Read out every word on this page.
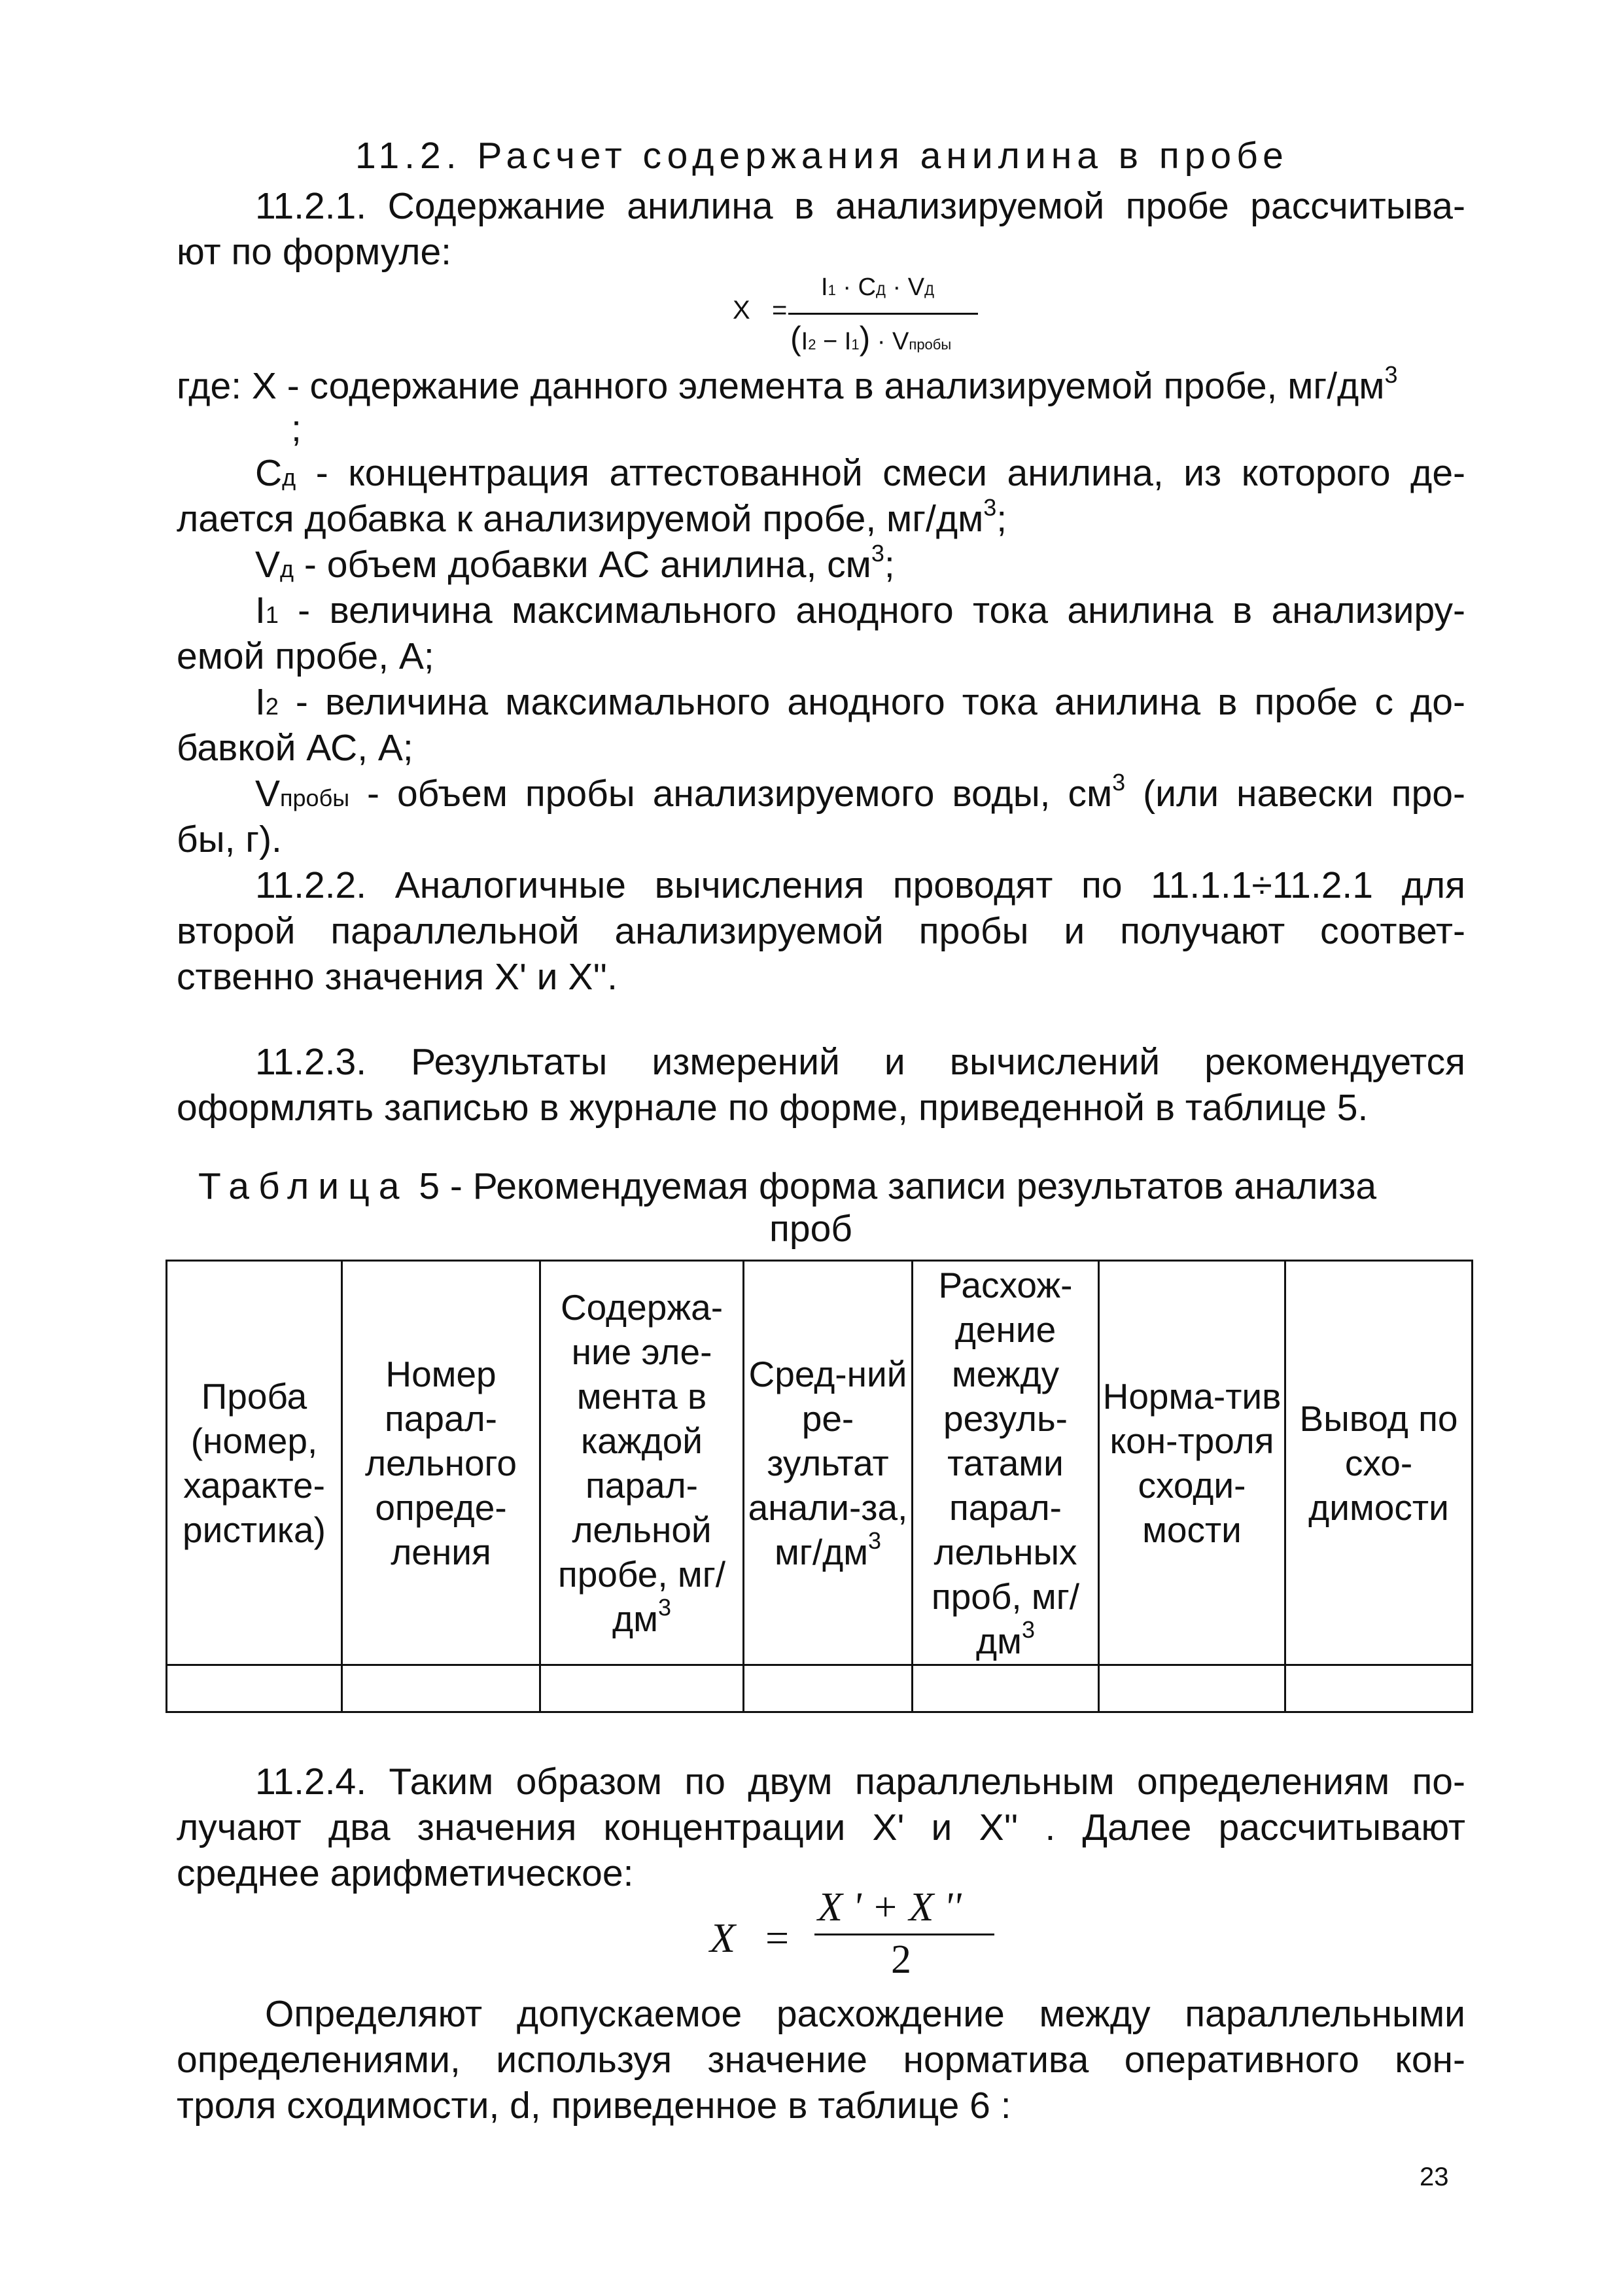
11.2. Расчет содержания анилина в пробе
11.2.1. Содержание анилина в анализируемой пробе рассчитыва-
ют по формуле:
X =
I1 · CД · VД
(I2 − I1) · Vпробы
где: X - содержание данного элемента в анализируемой пробе, $мг/дм^3$
;
Сд - концентрация аттестованной смеси анилина, из которого де-
лается добавка к анализируемой пробе, $мг/дм^3$;
Vд - объем добавки АС анилина, $см^3$;
I1 - величина максимального анодного тока анилина в анализиру-
емой пробе, А;
I2 - величина максимального анодного тока анилина в пробе с до-
бавкой АС, А;
Vпробы - объем пробы анализируемого воды, $см^3$ (или навески про-
бы, г).
11.2.2. Аналогичные вычисления проводят по 11.1.1÷11.2.1 для
второй параллельной анализируемой пробы и получают соответ-
ственно значения X' и X''.
11.2.3. Результаты измерений и вычислений рекомендуется
оформлять записью в журнале по форме, приведенной в таблице 5.
Таблица 5 - Рекомендуемая форма записи результатов анализа
проб
Проба (номер, характе-ристика)	Номер парал-лельного опреде-ления	Содержа-ние эле-мента в каждой парал-лельной пробе, $мг/дм^3$	Сред-ний ре-зультат анали-за, $мг/дм^3$	Расхож-дение между резуль-татами парал-лельных проб, $мг/дм^3$	Норма-тив кон-троля сходи-мости	Вывод по схо-димости

11.2.4. Таким образом по двум параллельным определениям по-
лучают два значения концентрации X' и X'' . Далее рассчитывают
среднее арифметическое:
X =
X ' + X ''
2
Определяют допускаемое расхождение между параллельными
определениями, используя значение норматива оперативного кон-
троля сходимости, d, приведенное в таблице 6 :
23
